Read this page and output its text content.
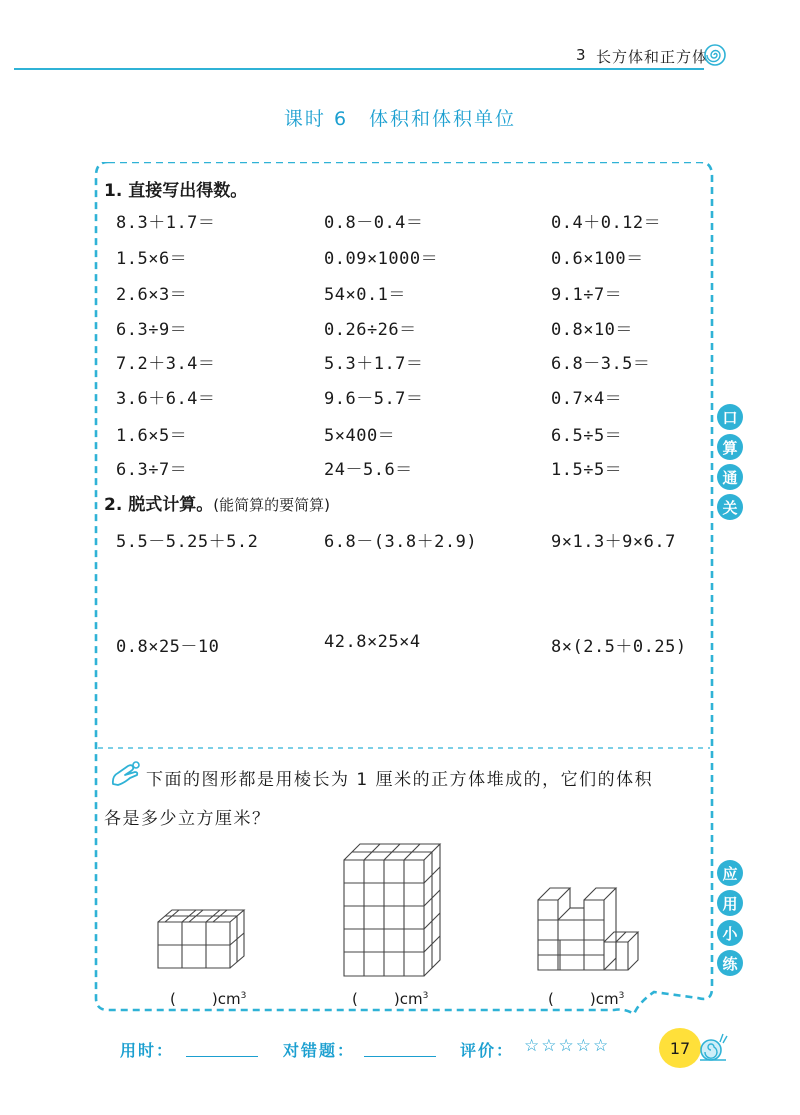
3 长方体和正方体
课时 6　体积和体积单位
1. 直接写出得数。
8.3＋1.7＝	0.8－0.4＝	0.4＋0.12＝
1.5×6＝	0.09×1000＝	0.6×100＝
2.6×3＝	54×0.1＝	9.1÷7＝
6.3÷9＝	0.26÷26＝	0.8×10＝
7.2＋3.4＝	5.3＋1.7＝	6.8－3.5＝
3.6＋6.4＝	9.6－5.7＝	0.7×4＝
1.6×5＝	5×400＝	6.5÷5＝
6.3÷7＝	24－5.6＝	1.5÷5＝
2. 脱式计算。(能简算的要简算)
5.5－5.25＋5.2	6.8－(3.8＋2.9)	9×1.3＋9×6.7
0.8×25－10	42.8×25×4	8×(2.5＋0.25)
下面的图形都是用棱长为 1 厘米的正方体堆成的，它们的体积
各是多少立方厘米？
( )$cm^3$	( )$cm^3$	( )$cm^3$
口
算
通
关
应
用
小
练
用时：	对错题：	评价： ☆☆☆☆☆	17
